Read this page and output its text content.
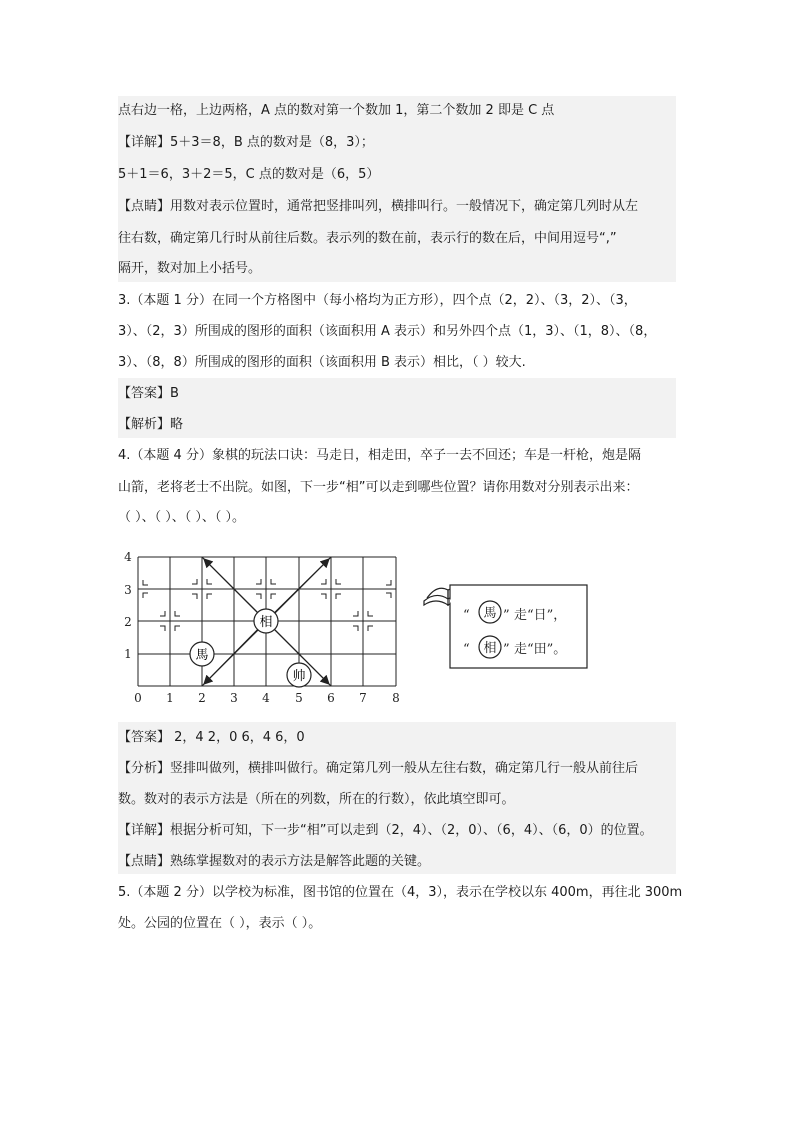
点右边一格，上边两格，A 点的数对第一个数加 1，第二个数加 2 即是 C 点
【详解】5＋3＝8，B 点的数对是（8，3）；
5＋1＝6，3＋2＝5，C 点的数对是（6，5）
【点睛】用数对表示位置时，通常把竖排叫列，横排叫行。一般情况下，确定第几列时从左
往右数，确定第几行时从前往后数。表示列的数在前，表示行的数在后，中间用逗号“,”
隔开，数对加上小括号。
3.（本题 1 分）在同一个方格图中（每小格均为正方形），四个点（2，2）、（3，2）、（3，
3）、（2，3）所围成的图形的面积（该面积用 A 表示）和另外四个点（1，3）、（1，8）、（8，
3）、（8，8）所围成的图形的面积（该面积用 B 表示）相比，（ ）较大.
【答案】B
【解析】略
4.（本题 4 分）象棋的玩法口诀：马走日，相走田，卒子一去不回还；车是一杆枪，炮是隔
山箭，老将老士不出院。如图，下一步“相”可以走到哪些位置？请你用数对分别表示出来：
（ ）、（ ）、（ ）、（ ）。
相
馬
帅
0 1 2 3 4 5 6 7 8
1
2
3
4
“ 馬 ” 走“日”，
“ 相 ” 走“田”。
【答案】 2，4 2，0 6，4 6，0
【分析】竖排叫做列，横排叫做行。确定第几列一般从左往右数，确定第几行一般从前往后
数。数对的表示方法是（所在的列数，所在的行数），依此填空即可。
【详解】根据分析可知，下一步“相”可以走到（2，4）、（2，0）、（6，4）、（6，0）的位置。
【点睛】熟练掌握数对的表示方法是解答此题的关键。
5.（本题 2 分）以学校为标准，图书馆的位置在（4，3），表示在学校以东 400m，再往北 300m
处。公园的位置在（ ），表示（ ）。
